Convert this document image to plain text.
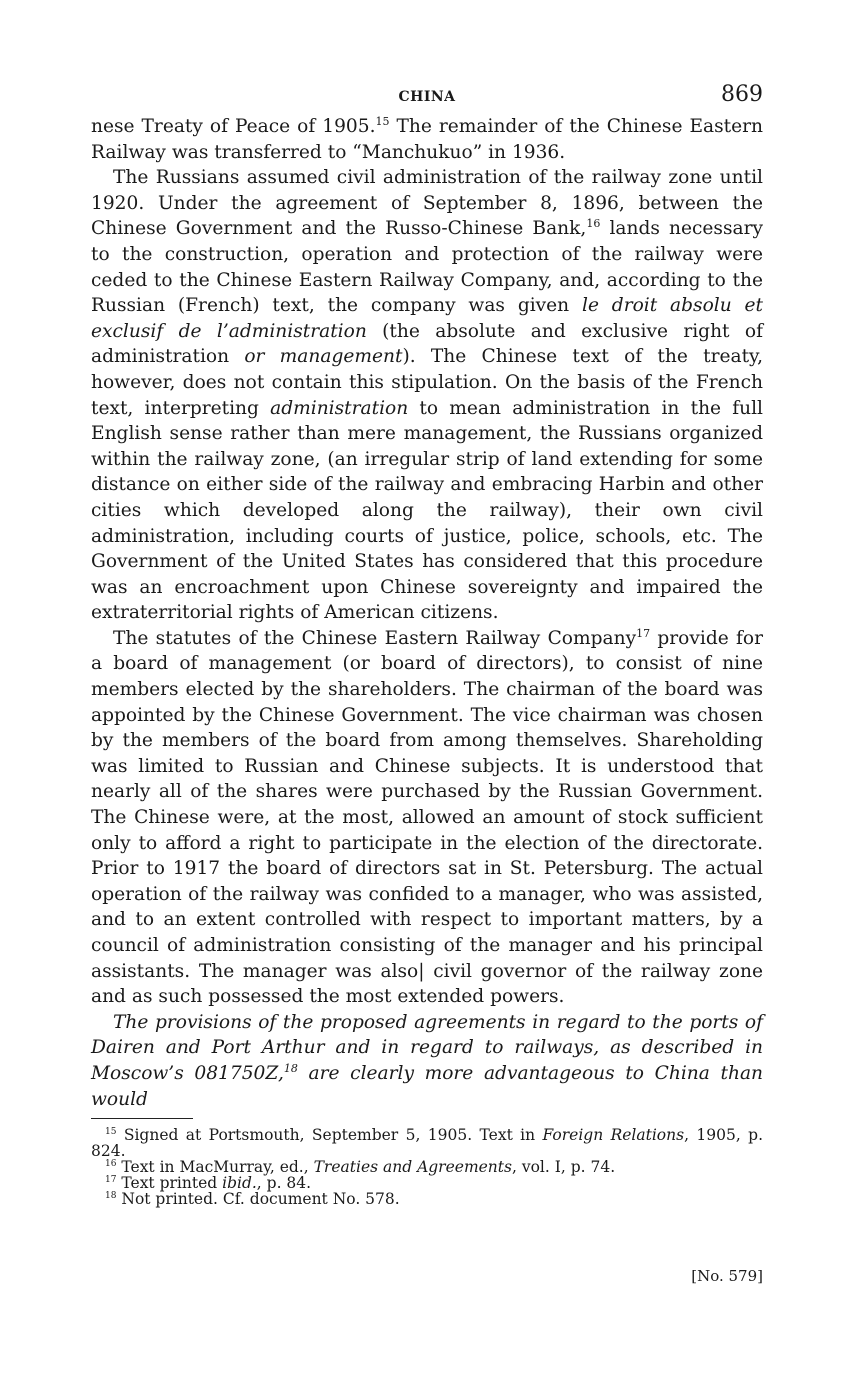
CHINA	869

nese Treaty of Peace of 1905.15 The remainder of the Chinese Eastern Railway was transferred to “Manchukuo” in 1936.

The Russians assumed civil administration of the railway zone until 1920. Under the agreement of September 8, 1896, between the Chinese Government and the Russo-Chinese Bank,$^{16}$ lands necessary to the construction, operation and protection of the railway were ceded to the Chinese Eastern Railway Company, and, according to the Russian (French) text, the company was given le droit absolu et exclusif de l’administration (the absolute and exclusive right of administration or management). The Chinese text of the treaty, however, does not contain this stipulation. On the basis of the French text, interpreting administration to mean administration in the full English sense rather than mere management, the Russians organized within the railway zone, (an irregular strip of land extending for some distance on either side of the railway and embracing Harbin and other cities which developed along the railway), their own civil administration, including courts of justice, police, schools, etc. The Government of the United States has considered that this procedure was an encroachment upon Chinese sovereignty and impaired the extraterritorial rights of American citizens.

The statutes of the Chinese Eastern Railway Company$^{17}$ provide for a board of management (or board of directors), to consist of nine members elected by the shareholders. The chairman of the board was appointed by the Chinese Government. The vice chairman was chosen by the members of the board from among themselves. Shareholding was limited to Russian and Chinese subjects. It is understood that nearly all of the shares were purchased by the Russian Government. The Chinese were, at the most, allowed an amount of stock sufficient only to afford a right to participate in the election of the directorate. Prior to 1917 the board of directors sat in St. Petersburg. The actual operation of the railway was confided to a manager, who was assisted, and to an extent controlled with respect to important matters, by a council of administration consisting of the manager and his principal assistants. The manager was also| civil governor of the railway zone and as such possessed the most extended powers.

The provisions of the proposed agreements in regard to the ports of Dairen and Port Arthur and in regard to railways, as described in Moscow’s 081750Z,$^{18}$ are clearly more advantageous to China than would

$^{15}$ Signed at Portsmouth, September 5, 1905. Text in Foreign Relations, 1905, p. 824.

$^{16}$ Text in MacMurray, ed., Treaties and Agreements, vol. I, p. 74.

$^{17}$ Text printed ibid., p. 84.

$^{18}$ Not printed. Cf. document No. 578.

[No. 579]
